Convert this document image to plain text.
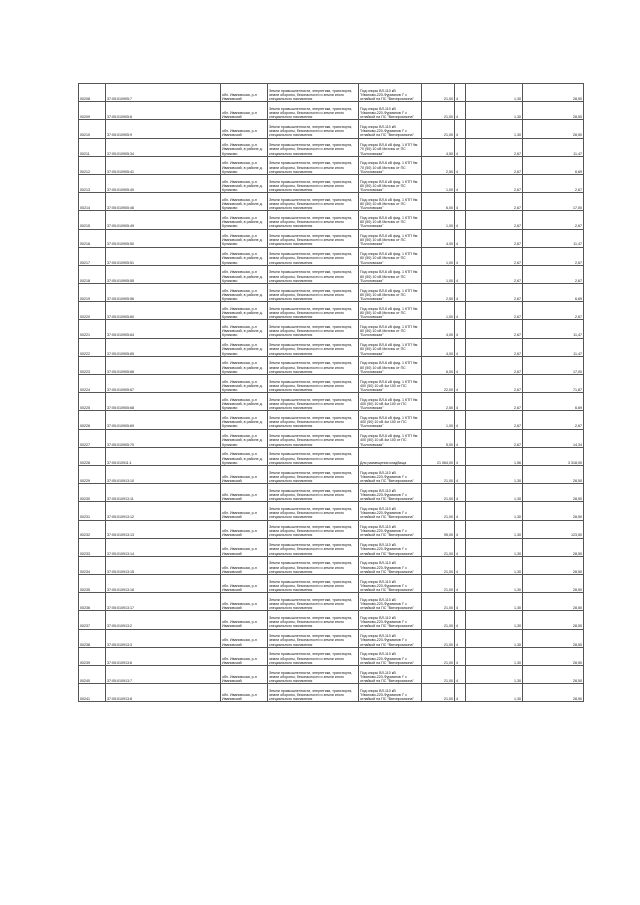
00208	37:05:010905:7	обл. Ивановская, р-н Ивановский	Земли промышленности, энергетики, транспорта, земли обороны, безопасности и земли иного специального назначения	Под опоры ВЛ-110 кВ "Иваново-220-Фурманов I" с отпайкой на ПС "Вятопромзона"	21,00	4	1,30	28,50

00209	37:05:010905:8	обл. Ивановская, р-н Ивановский	Земли промышленности, энергетики, транспорта, земли обороны, безопасности и земли иного специального назначения	Под опоры ВЛ-110 кВ "Иваново-220-Фурманов I" с отпайкой на ПС "Вятопромзона"	21,00	4	1,30	28,50

00210	37:05:010905:9	обл. Ивановская, р-н Ивановский	Земли промышленности, энергетики, транспорта, земли обороны, безопасности и земли иного специального назначения	Под опоры ВЛ-110 кВ "Иваново-220-Фурманов I" с отпайкой на ПС "Вятопромзона"	21,00	4	1,30	28,50

00211	37:05:010905:34	обл. Ивановская, р-н Ивановский, в районе д. Куликово	Земли промышленности, энергетики, транспорта, земли обороны, безопасности и земли иного специального назначения	Под опоры ВЛ-6 кВ фид. 1 КТП 9м 70 (50) 10 кВ Митсюк от ПС "Бологовская"	4,50	4	2,67	11,47

00212	37:05:010905:41	обл. Ивановская, р-н Ивановский, в районе д. Куликово	Земли промышленности, энергетики, транспорта, земли обороны, безопасности и земли иного специального назначения	Под опоры ВЛ-6 кВ фид. 1 КТП 9м 70 (50) 10 кВ Митсюк от ПС "Бологовская"	2,50	4	2,67	6,69

00213	37:05:010905:40	обл. Ивановская, р-н Ивановский, в районе д. Куликово	Земли промышленности, энергетики, транспорта, земли обороны, безопасности и земли иного специального назначения	Под опоры ВЛ-6 кВ фид. 1 КТП 9м 80 (50) 10 кВ Митсюк от ПС "Бологовская"	1,00	4	2,67	2,67

00214	37:05:010905:46	обл. Ивановская, р-н Ивановский, в районе д. Куликово	Земли промышленности, энергетики, транспорта, земли обороны, безопасности и земли иного специального назначения	Под опоры ВЛ-6 кВ фид. 1 КТП 9м 80 (50) 10 кВ Митсюк от ПС "Бологовская"	6,00	4	2,67	17,00

00215	37:05:010905:49	обл. Ивановская, р-н Ивановский, в районе д. Куликово	Земли промышленности, энергетики, транспорта, земли обороны, безопасности и земли иного специального назначения	Под опоры ВЛ-6 кВ фид. 1 КТП 9м 80 (50) 10 кВ Митсюк от ПС "Бологовская"	1,00	4	2,67	2,67

00216	37:05:010905:50	обл. Ивановская, р-н Ивановский, в районе д. Куликово	Земли промышленности, энергетики, транспорта, земли обороны, безопасности и земли иного специального назначения	Под опоры ВЛ-6 кВ фид. 1 КТП 9м 80 (50) 10 кВ Митсюк от ПС "Бологовская"	4,00	4	2,67	11,47

00217	37:05:010905:51	обл. Ивановская, р-н Ивановский, в районе д. Куликово	Земли промышленности, энергетики, транспорта, земли обороны, безопасности и земли иного специального назначения	Под опоры ВЛ-6 кВ фид. 1 КТП 9м 80 (50) 10 кВ Митсюк от ПС "Бологовская"	1,00	4	2,67	2,67

00218	37:05:010905:55	обл. Ивановская, р-н Ивановский, в районе д. Куликово	Земли промышленности, энергетики, транспорта, земли обороны, безопасности и земли иного специального назначения	Под опоры ВЛ-6 кВ фид. 1 КТП 9м 80 (50) 10 кВ Митсюк от ПС "Бологовская"	1,00	4	2,67	2,67

00219	37:05:010905:56	обл. Ивановская, р-н Ивановский, в районе д. Куликово	Земли промышленности, энергетики, транспорта, земли обороны, безопасности и земли иного специального назначения	Под опоры ВЛ-6 кВ фид. 1 КТП 9м 80 (50) 10 кВ Митсюк от ПС "Бологовская"	2,50	4	2,67	6,69

00220	37:05:010905:60	обл. Ивановская, р-н Ивановский, в районе д. Куликово	Земли промышленности, энергетики, транспорта, земли обороны, безопасности и земли иного специального назначения	Под опоры ВЛ-6 кВ фид. 1 КТП 9м 80 (50) 10 кВ Митсюк от ПС "Бологовская"	1,00	4	2,67	2,67

00221	37:05:010905:64	обл. Ивановская, р-н Ивановский, в районе д. Куликово	Земли промышленности, энергетики, транспорта, земли обороны, безопасности и земли иного специального назначения	Под опоры ВЛ-6 кВ фид. 1 КТП 9м 80 (50) 10 кВ Митсюк от ПС "Бологовская"	4,00	4	2,67	11,47

00222	37:05:010905:65	обл. Ивановская, р-н Ивановский, в районе д. Куликово	Земли промышленности, энергетики, транспорта, земли обороны, безопасности и земли иного специального назначения	Под опоры ВЛ-6 кВ фид. 1 КТП 9м 80 (50) 10 кВ Митсюк от ПС "Бологовская"	4,00	4	2,67	11,47

00223	37:05:010905:66	обл. Ивановская, р-н Ивановский, в районе д. Куликово	Земли промышленности, энергетики, транспорта, земли обороны, безопасности и земли иного специального назначения	Под опоры ВЛ-6 кВ фид. 1 КТП 9м 80 (50) 10 кВ Митсюк от ПС "Бологовская"	6,00	4	2,67	17,00

00224	37:05:010905:67	обл. Ивановская, р-н Ивановский, в районе д. Куликово	Земли промышленности, энергетики, транспорта, земли обороны, безопасности и земли иного специального назначения	Под опоры ВЛ-6 кВ фид. 1 КТП 9м 400 (50) 10 кВ 4м 100 от ПС "Бологовская"	22,00	4	2,67	71,87

00225	37:05:010905:68	обл. Ивановская, р-н Ивановский, в районе д. Куликово	Земли промышленности, энергетики, транспорта, земли обороны, безопасности и земли иного специального назначения	Под опоры ВЛ-6 кВ фид. 1 КТП 9м 400 (50) 10 кВ 4м 100 от ПС "Бологовская"	2,50	4	2,67	6,69

00226	37:05:010905:69	обл. Ивановская, р-н Ивановский, в районе д. Куликово	Земли промышленности, энергетики, транспорта, земли обороны, безопасности и земли иного специального назначения	Под опоры ВЛ-6 кВ фид. 1 КТП 9м 400 (50) 10 кВ 4м 100 от ПС "Бологовская"	1,00	4	2,67	2,67

00227	37:05:010905:70	обл. Ивановская, р-н Ивановский, в районе д. Куликово	Земли промышленности, энергетики, транспорта, земли обороны, безопасности и земли иного специального назначения	Под опоры ВЛ-6 кВ фид. 1 КТП 9м 400 (50) 10 кВ 4м 100 от ПС "Бологовская"	5,00	4	2,67	14,34

00228	37:05:010911:1	обл. Ивановская, р-н Ивановский, в районе д. Куликово	Земли промышленности, энергетики, транспорта, земли обороны, безопасности и земли иного специального назначения	Для размещения кладбища	21 064,00	4	1,56	3 318,00

00229	37:05:010913:10	обл. Ивановская, р-н Ивановский	Земли промышленности, энергетики, транспорта, земли обороны, безопасности и земли иного специального назначения	Под опоры ВЛ-110 кВ "Иваново-220-Фурманов I" с отпайкой на ПС "Вятопромзона"	21,00	4	1,30	28,50

00230	37:05:010913:11	обл. Ивановская, р-н Ивановский	Земли промышленности, энергетики, транспорта, земли обороны, безопасности и земли иного специального назначения	Под опоры ВЛ-110 кВ "Иваново-220-Фурманов I" с отпайкой на ПС "Вятопромзона"	21,00	4	1,30	28,50

00231	37:05:010913:12	обл. Ивановская, р-н Ивановский	Земли промышленности, энергетики, транспорта, земли обороны, безопасности и земли иного специального назначения	Под опоры ВЛ-110 кВ "Иваново-220-Фурманов I" с отпайкой на ПС "Вятопромзона"	21,00	4	1,30	28,50

00232	37:05:010913:13	обл. Ивановская, р-н Ивановский	Земли промышленности, энергетики, транспорта, земли обороны, безопасности и земли иного специального назначения	Под опоры ВЛ-110 кВ "Иваново-220-Фурманов I" с отпайкой на ПС "Вятопромзона"	95,00	4	1,30	123,50

00233	37:05:010913:14	обл. Ивановская, р-н Ивановский	Земли промышленности, энергетики, транспорта, земли обороны, безопасности и земли иного специального назначения	Под опоры ВЛ-110 кВ "Иваново-220-Фурманов I" с отпайкой на ПС "Вятопромзона"	21,00	4	1,30	28,50

00234	37:05:010913:15	обл. Ивановская, р-н Ивановский	Земли промышленности, энергетики, транспорта, земли обороны, безопасности и земли иного специального назначения	Под опоры ВЛ-110 кВ "Иваново-220-Фурманов I" с отпайкой на ПС "Вятопромзона"	21,00	4	1,30	28,50

00235	37:05:010913:16	обл. Ивановская, р-н Ивановский	Земли промышленности, энергетики, транспорта, земли обороны, безопасности и земли иного специального назначения	Под опоры ВЛ-110 кВ "Иваново-220-Фурманов I" с отпайкой на ПС "Вятопромзона"	21,00	4	1,30	28,50

00236	37:05:010913:17	обл. Ивановская, р-н Ивановский	Земли промышленности, энергетики, транспорта, земли обороны, безопасности и земли иного специального назначения	Под опоры ВЛ-110 кВ "Иваново-220-Фурманов I" с отпайкой на ПС "Вятопромзона"	21,00	4	1,30	28,50

00237	37:05:010913:2	обл. Ивановская, р-н Ивановский	Земли промышленности, энергетики, транспорта, земли обороны, безопасности и земли иного специального назначения	Под опоры ВЛ-110 кВ "Иваново-220-Фурманов I" с отпайкой на ПС "Вятопромзона"	21,00	4	1,30	28,50

00238	37:05:010913:3	обл. Ивановская, р-н Ивановский	Земли промышленности, энергетики, транспорта, земли обороны, безопасности и земли иного специального назначения	Под опоры ВЛ-110 кВ "Иваново-220-Фурманов I" с отпайкой на ПС "Вятопромзона"	21,00	4	1,30	28,50

00239	37:05:010913:6	обл. Ивановская, р-н Ивановский	Земли промышленности, энергетики, транспорта, земли обороны, безопасности и земли иного специального назначения	Под опоры ВЛ-110 кВ "Иваново-220-Фурманов I" с отпайкой на ПС "Вятопромзона"	21,00	4	1,30	28,50

00240	37:05:010913:7	обл. Ивановская, р-н Ивановский	Земли промышленности, энергетики, транспорта, земли обороны, безопасности и земли иного специального назначения	Под опоры ВЛ-110 кВ "Иваново-220-Фурманов I" с отпайкой на ПС "Вятопромзона"	21,00	4	1,30	28,50

00241	37:05:010913:8	обл. Ивановская, р-н Ивановский	Земли промышленности, энергетики, транспорта, земли обороны, безопасности и земли иного специального назначения	Под опоры ВЛ-110 кВ "Иваново-220-Фурманов I" с отпайкой на ПС "Вятопромзона"	21,00	4	1,30	28,50
